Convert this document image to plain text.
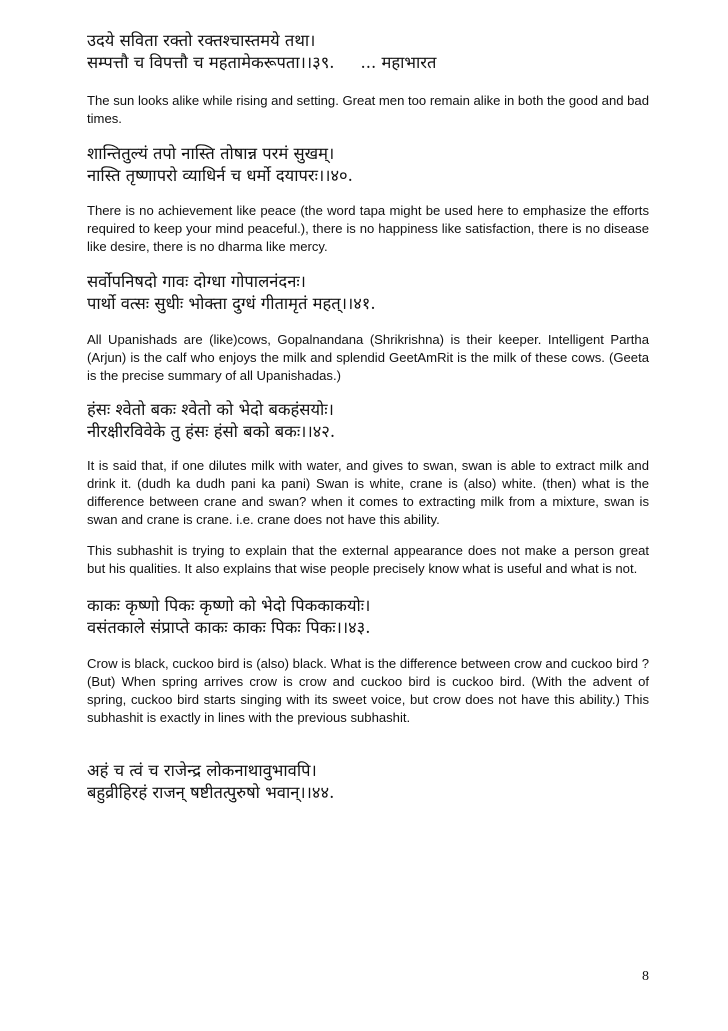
उदये सविता रक्तो रक्तश्चास्तमये तथा।
सम्पत्तौ च विपत्तौ च महतामेकरूपता।।३९. ... महाभारत

The sun looks alike while rising and setting. Great men too remain alike in both the good and bad times.

शान्तितुल्यं तपो नास्ति तोषान्न परमं सुखम्।
नास्ति तृष्णापरो व्याधिर्न च धर्मो दयापरः।।४०.

There is no achievement like peace (the word tapa might be used here to emphasize the efforts required to keep your mind peaceful.), there is no happiness like satisfaction, there is no disease like desire, there is no dharma like mercy.

सर्वोपनिषदो गावः दोग्धा गोपालनंदनः।
पार्थो वत्सः सुधीः भोक्ता दुग्धं गीतामृतं महत्।।४१.

All Upanishads are (like)cows, Gopalnandana (Shrikrishna) is their keeper. Intelligent Partha (Arjun) is the calf who enjoys the milk and splendid GeetAmRit is the milk of these cows. (Geeta is the precise summary of all Upanishadas.)

हंसः श्वेतो बकः श्वेतो को भेदो बकहंसयोः।
नीरक्षीरविवेके तु हंसः हंसो बको बकः।।४२.

It is said that, if one dilutes milk with water, and gives to swan, swan is able to extract milk and drink it. (dudh ka dudh pani ka pani) Swan is white, crane is (also) white. (then) what is the difference between crane and swan? when it comes to extracting milk from a mixture, swan is swan and crane is crane. i.e. crane does not have this ability.

This subhashit is trying to explain that the external appearance does not make a person great but his qualities. It also explains that wise people precisely know what is useful and what is not.

काकः कृष्णो पिकः कृष्णो को भेदो पिककाकयोः।
वसंतकाले संप्राप्ते काकः काकः पिकः पिकः।।४३.

Crow is black, cuckoo bird is (also) black. What is the difference between crow and cuckoo bird ? (But) When spring arrives crow is crow and cuckoo bird is cuckoo bird. (With the advent of spring, cuckoo bird starts singing with its sweet voice, but crow does not have this ability.) This subhashit is exactly in lines with the previous subhashit.

अहं च त्वं च राजेन्द्र लोकनाथावुभावपि।
बहुव्रीहिरहं राजन् षष्टीतत्पुरुषो भवान्।।४४.
8
